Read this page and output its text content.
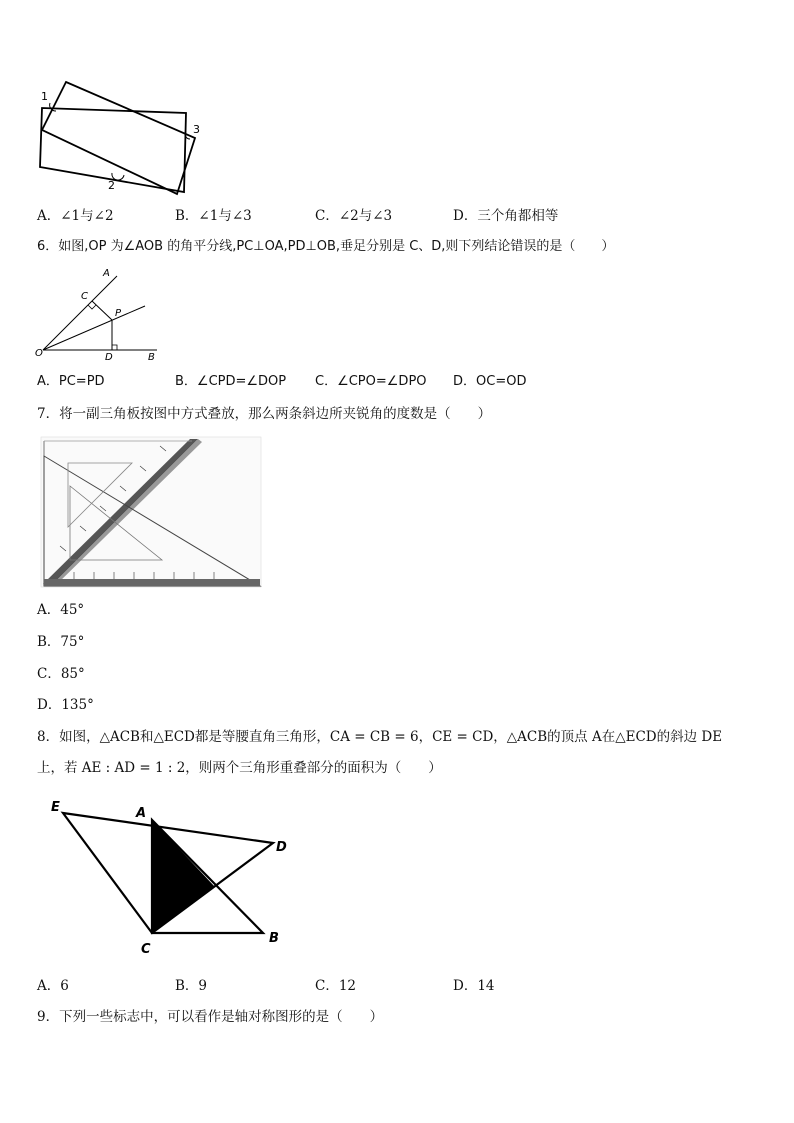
1
2
3
A．∠1与∠2	B．∠1与∠3	C．∠2与∠3	D．三个角都相等
6．如图,OP 为∠AOB 的角平分线,PC⊥OA,PD⊥OB,垂足分别是 C、D,则下列结论错误的是（　　）
A
C
P
O	D	B
A．PC=PD	B．∠CPD=∠DOP C．∠CPO=∠DPO D．OC=OD
7．将一副三角板按图中方式叠放，那么两条斜边所夹锐角的度数是（　　）
A．45°
B．75°
C．85°
D．135°
8．如图，△ACB和△ECD都是等腰直角三角形，CA = CB = 6，CE = CD，△ACB的顶点 A在△ECD的斜边 DE
上，若 AE : AD = 1 : 2，则两个三角形重叠部分的面积为（　　）
E	A
D
C
B
A．6	B．9	C．12	D．14
9．下列一些标志中，可以看作是轴对称图形的是（　　）
